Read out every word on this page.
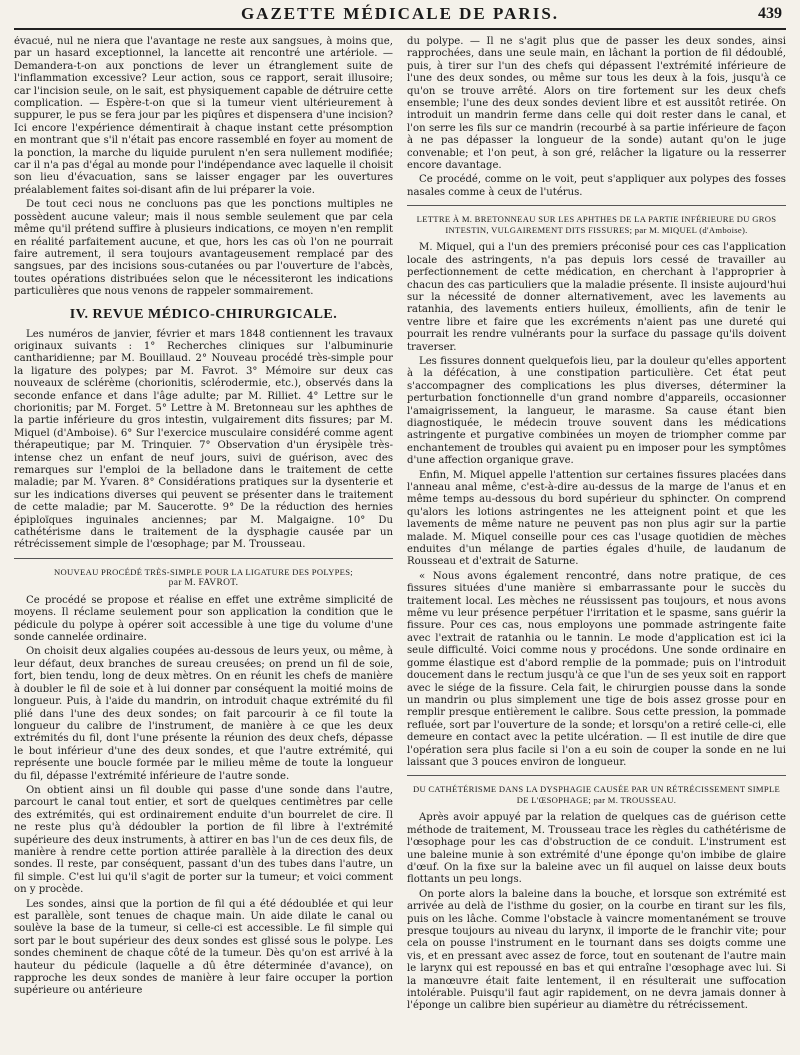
GAZETTE MÉDICALE DE PARIS.	439

évacué, nul ne niera que l'avantage ne reste aux sangsues, à moins que, par un hasard exceptionnel, la lancette ait rencontré une artériole. — Demandera-t-on aux ponctions de lever un étranglement suite de l'inflammation excessive? Leur action, sous ce rapport, serait illusoire; car l'incision seule, on le sait, est physiquement capable de détruire cette complication. — Espère-t-on que si la tumeur vient ultérieurement à suppurer, le pus se fera jour par les piqûres et dispensera d'une incision? Ici encore l'expérience démentirait à chaque instant cette présomption en montrant que s'il n'était pas encore rassemblé en foyer au moment de la ponction, la marche du liquide purulent n'en sera nullement modifiée; car il n'a pas d'égal au monde pour l'indépendance avec laquelle il choisit son lieu d'évacuation, sans se laisser engager par les ouvertures préalablement faites soi-disant afin de lui préparer la voie.

De tout ceci nous ne concluons pas que les ponctions multiples ne possèdent aucune valeur; mais il nous semble seulement que par cela même qu'il prétend suffire à plusieurs indications, ce moyen n'en remplit en réalité parfaitement aucune, et que, hors les cas où l'on ne pourrait faire autrement, il sera toujours avantageusement remplacé par des sangsues, par des incisions sous-cutanées ou par l'ouverture de l'abcès, toutes opérations distribuées selon que le nécessiteront les indications particulières que nous venons de rappeler sommairement.

IV. REVUE MÉDICO-CHIRURGICALE.

Les numéros de janvier, février et mars 1848 contiennent les travaux originaux suivants : 1° Recherches cliniques sur l'albuminurie cantharidienne; par M. Bouillaud. 2° Nouveau procédé très-simple pour la ligature des polypes; par M. Favrot. 3° Mémoire sur deux cas nouveaux de sclérème (chorionitis, sclérodermie, etc.), observés dans la seconde enfance et dans l'âge adulte; par M. Rilliet. 4° Lettre sur le chorionitis; par M. Forget. 5° Lettre à M. Bretonneau sur les aphthes de la partie inférieure du gros intestin, vulgairement dits fissures; par M. Miquel (d'Amboise). 6° Sur l'exercice musculaire considéré comme agent thérapeutique; par M. Trinquier. 7° Observation d'un érysipèle très-intense chez un enfant de neuf jours, suivi de guérison, avec des remarques sur l'emploi de la belladone dans le traitement de cette maladie; par M. Yvaren. 8° Considérations pratiques sur la dysenterie et sur les indications diverses qui peuvent se présenter dans le traitement de cette maladie; par M. Saucerotte. 9° De la réduction des hernies épiploïques inguinales anciennes; par M. Malgaigne. 10° Du cathétérisme dans le traitement de la dysphagie causée par un rétrécissement simple de l'œsophage; par M. Trousseau.

NOUVEAU PROCÉDÉ TRÈS-SIMPLE POUR LA LIGATURE DES POLYPES;
par M. FAVROT.

Ce procédé se propose et réalise en effet une extrême simplicité de moyens. Il réclame seulement pour son application la condition que le pédicule du polype à opérer soit accessible à une tige du volume d'une sonde cannelée ordinaire.

On choisit deux algalies coupées au-dessous de leurs yeux, ou même, à leur défaut, deux branches de sureau creusées; on prend un fil de soie, fort, bien tendu, long de deux mètres. On en réunit les chefs de manière à doubler le fil de soie et à lui donner par conséquent la moitié moins de longueur. Puis, à l'aide du mandrin, on introduit chaque extrémité du fil plié dans l'une des deux sondes; on fait parcourir à ce fil toute la longueur du calibre de l'instrument, de manière à ce que les deux extrémités du fil, dont l'une présente la réunion des deux chefs, dépasse le bout inférieur d'une des deux sondes, et que l'autre extrémité, qui représente une boucle formée par le milieu même de toute la longueur du fil, dépasse l'extrémité inférieure de l'autre sonde.

On obtient ainsi un fil double qui passe d'une sonde dans l'autre, parcourt le canal tout entier, et sort de quelques centimètres par celle des extrémités, qui est ordinairement enduite d'un bourrelet de cire. Il ne reste plus qu'à dédoubler la portion de fil libre à l'extrémité supérieure des deux instruments, à attirer en bas l'un de ces deux fils, de manière à rendre cette portion attirée parallèle à la direction des deux sondes. Il reste, par conséquent, passant d'un des tubes dans l'autre, un fil simple. C'est lui qu'il s'agit de porter sur la tumeur; et voici comment on y procède.

Les sondes, ainsi que la portion de fil qui a été dédoublée et qui leur est parallèle, sont tenues de chaque main. Un aide dilate le canal ou soulève la base de la tumeur, si celle-ci est accessible. Le fil simple qui sort par le bout supérieur des deux sondes est glissé sous le polype. Les sondes cheminent de chaque côté de la tumeur. Dès qu'on est arrivé à la hauteur du pédicule (laquelle a dû être déterminée d'avance), on rapproche les deux sondes de manière à leur faire occuper la portion supérieure ou antérieure

du polype. — Il ne s'agit plus que de passer les deux sondes, ainsi rapprochées, dans une seule main, en lâchant la portion de fil dédoublé, puis, à tirer sur l'un des chefs qui dépassent l'extrémité inférieure de l'une des deux sondes, ou même sur tous les deux à la fois, jusqu'à ce qu'on se trouve arrêté. Alors on tire fortement sur les deux chefs ensemble; l'une des deux sondes devient libre et est aussitôt retirée. On introduit un mandrin ferme dans celle qui doit rester dans le canal, et l'on serre les fils sur ce mandrin (recourbé à sa partie inférieure de façon à ne pas dépasser la longueur de la sonde) autant qu'on le juge convenable; et l'on peut, à son gré, relâcher la ligature ou la resserrer encore davantage.

Ce procédé, comme on le voit, peut s'appliquer aux polypes des fosses nasales comme à ceux de l'utérus.

LETTRE À M. BRETONNEAU SUR LES APHTHES DE LA PARTIE INFÉRIEURE DU GROS INTESTIN, VULGAIREMENT DITS FISSURES; par M. MIQUEL (d'Amboise).

M. Miquel, qui a l'un des premiers préconisé pour ces cas l'application locale des astringents, n'a pas depuis lors cessé de travailler au perfectionnement de cette médication, en cherchant à l'approprier à chacun des cas particuliers que la maladie présente. Il insiste aujourd'hui sur la nécessité de donner alternativement, avec les lavements au ratanhia, des lavements entiers huileux, émollients, afin de tenir le ventre libre et faire que les excréments n'aient pas une dureté qui pourrait les rendre vulnérants pour la surface du passage qu'ils doivent traverser.

Les fissures donnent quelquefois lieu, par la douleur qu'elles apportent à la défécation, à une constipation particulière. Cet état peut s'accompagner des complications les plus diverses, déterminer la perturbation fonctionnelle d'un grand nombre d'appareils, occasionner l'amaigrissement, la langueur, le marasme. Sa cause étant bien diagnostiquée, le médecin trouve souvent dans les médications astringente et purgative combinées un moyen de triompher comme par enchantement de troubles qui avaient pu en imposer pour les symptômes d'une affection organique grave.

Enfin, M. Miquel appelle l'attention sur certaines fissures placées dans l'anneau anal même, c'est-à-dire au-dessus de la marge de l'anus et en même temps au-dessous du bord supérieur du sphincter. On comprend qu'alors les lotions astringentes ne les atteignent point et que les lavements de même nature ne peuvent pas non plus agir sur la partie malade. M. Miquel conseille pour ces cas l'usage quotidien de mèches enduites d'un mélange de parties égales d'huile, de laudanum de Rousseau et d'extrait de Saturne.

« Nous avons également rencontré, dans notre pratique, de ces fissures situées d'une manière si embarrassante pour le succès du traitement local. Les mèches ne réussissent pas toujours, et nous avons même vu leur présence perpétuer l'irritation et le spasme, sans guérir la fissure. Pour ces cas, nous employons une pommade astringente faite avec l'extrait de ratanhia ou le tannin. Le mode d'application est ici la seule difficulté. Voici comme nous y procédons. Une sonde ordinaire en gomme élastique est d'abord remplie de la pommade; puis on l'introduit doucement dans le rectum jusqu'à ce que l'un de ses yeux soit en rapport avec le siége de la fissure. Cela fait, le chirurgien pousse dans la sonde un mandrin ou plus simplement une tige de bois assez grosse pour en remplir presque entièrement le calibre. Sous cette pression, la pommade refluée, sort par l'ouverture de la sonde; et lorsqu'on a retiré celle-ci, elle demeure en contact avec la petite ulcération. — Il est inutile de dire que l'opération sera plus facile si l'on a eu soin de couper la sonde en ne lui laissant que 3 pouces environ de longueur.

DU CATHÉTÉRISME DANS LA DYSPHAGIE CAUSÉE PAR UN RÉTRÉCISSEMENT SIMPLE DE L'ŒSOPHAGE; par M. TROUSSEAU.

Après avoir appuyé par la relation de quelques cas de guérison cette méthode de traitement, M. Trousseau trace les règles du cathétérisme de l'œsophage pour les cas d'obstruction de ce conduit. L'instrument est une baleine munie à son extrémité d'une éponge qu'on imbibe de glaire d'œuf. On la fixe sur la baleine avec un fil auquel on laisse deux bouts flottants un peu longs.

On porte alors la baleine dans la bouche, et lorsque son extrémité est arrivée au delà de l'isthme du gosier, on la courbe en tirant sur les fils, puis on les lâche. Comme l'obstacle à vaincre momentanément se trouve presque toujours au niveau du larynx, il importe de le franchir vite; pour cela on pousse l'instrument en le tournant dans ses doigts comme une vis, et en pressant avec assez de force, tout en soutenant de l'autre main le larynx qui est repoussé en bas et qui entraîne l'œsophage avec lui. Si la manœuvre était faite lentement, il en résulterait une suffocation intolérable. Puisqu'il faut agir rapidement, on ne devra jamais donner à l'éponge un calibre bien supérieur au diamètre du rétrécissement.
